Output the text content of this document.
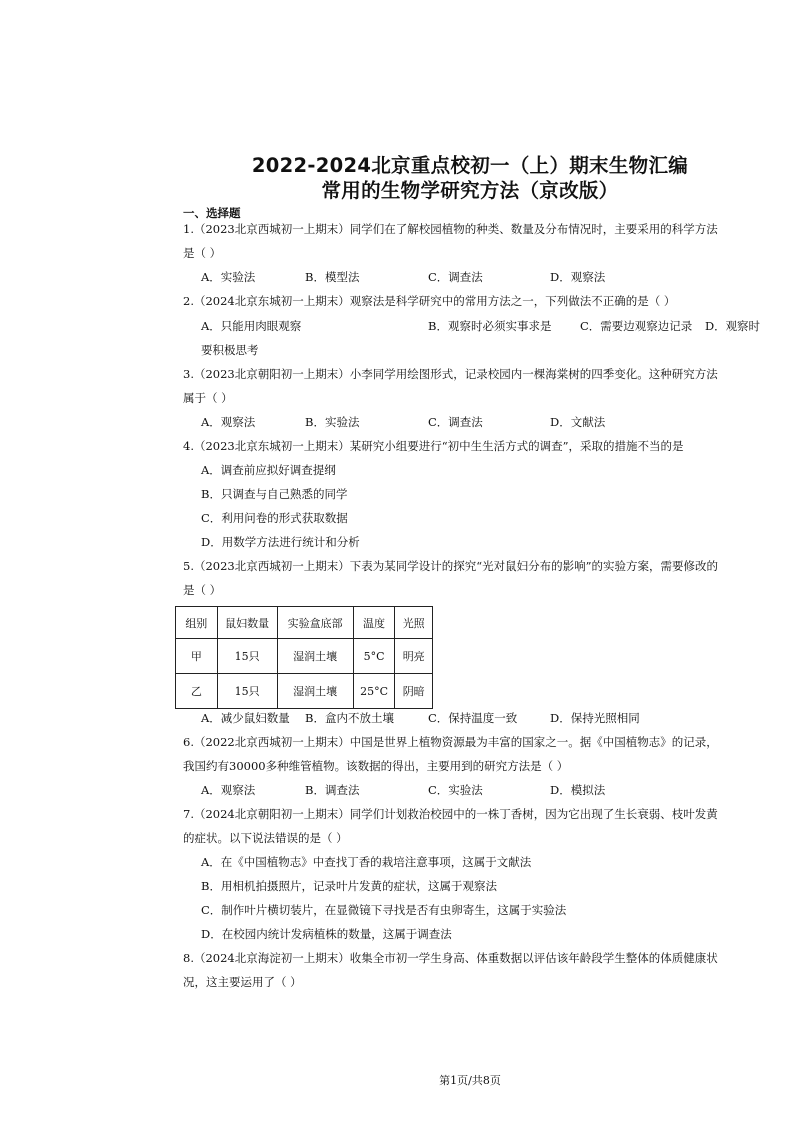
2022-2024北京重点校初一（上）期末生物汇编
常用的生物学研究方法（京改版）
一、选择题
1.（2023北京西城初一上期末）同学们在了解校园植物的种类、数量及分布情况时，主要采用的科学方法
是（ ）
A．实验法	B．模型法	C．调查法	D．观察法
2.（2024北京东城初一上期末）观察法是科学研究中的常用方法之一，下列做法不正确的是（ ）
A．只能用肉眼观察	B．观察时必须实事求是 C．需要边观察边记录 D．观察时
要积极思考
3.（2023北京朝阳初一上期末）小李同学用绘图形式，记录校园内一棵海棠树的四季变化。这种研究方法
属于（ ）
A．观察法	B．实验法	C．调查法	D．文献法
4.（2023北京东城初一上期末）某研究小组要进行“初中生生活方式的调查”，采取的措施不当的是
A．调查前应拟好调查提纲
B．只调查与自己熟悉的同学
C．利用问卷的形式获取数据
D．用数学方法进行统计和分析
5.（2023北京西城初一上期末）下表为某同学设计的探究“光对鼠妇分布的影响”的实验方案，需要修改的
是（ ）
组别	鼠妇数量	实验盒底部	温度	光照
甲	15只	湿润土壤	5°C	明亮
乙	15只	湿润土壤	25°C	阴暗
A．减少鼠妇数量 B．盒内不放土壤	C．保持温度一致	D．保持光照相同
6.（2022北京西城初一上期末）中国是世界上植物资源最为丰富的国家之一。据《中国植物志》的记录，
我国约有30000多种维管植物。该数据的得出，主要用到的研究方法是（ ）
A．观察法	B．调查法	C．实验法	D．模拟法
7.（2024北京朝阳初一上期末）同学们计划救治校园中的一株丁香树，因为它出现了生长衰弱、枝叶发黄
的症状。以下说法错误的是（ ）
A．在《中国植物志》中查找丁香的栽培注意事项，这属于文献法
B．用相机拍摄照片，记录叶片发黄的症状，这属于观察法
C．制作叶片横切装片，在显微镜下寻找是否有虫卵寄生，这属于实验法
D．在校园内统计发病植株的数量，这属于调查法
8.（2024北京海淀初一上期末）收集全市初一学生身高、体重数据以评估该年龄段学生整体的体质健康状
况，这主要运用了（ ）
第1页/共8页
